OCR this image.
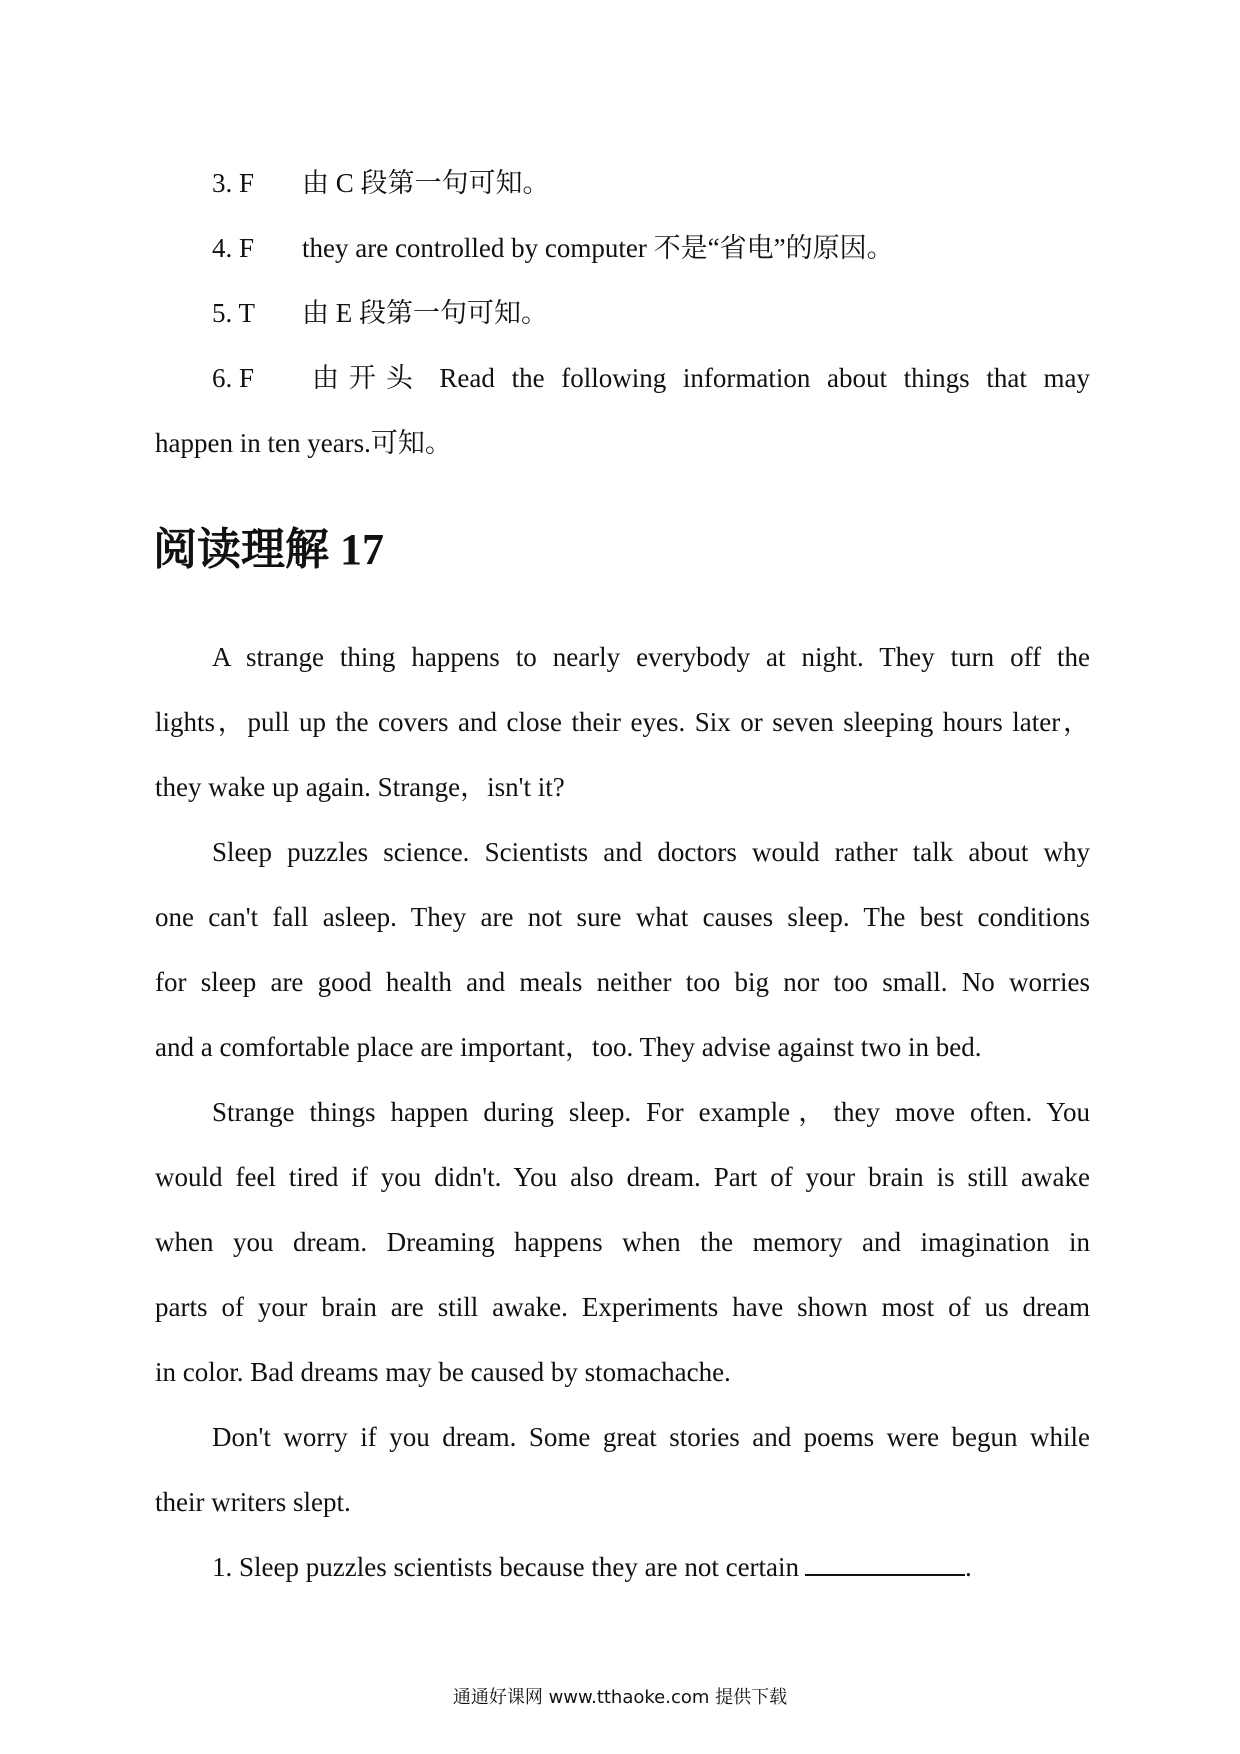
3. F 由 C 段第一句可知。
4. F they are controlled by computer 不是“省电”的原因。
5. T 由 E 段第一句可知。
6. F 由开头 Read the following information about things that may
happen in ten years.可知。
阅读理解 17
A strange thing happens to nearly everybody at night. They turn off the
lights，pull up the covers and close their eyes. Six or seven sleeping hours later，
they wake up again. Strange，isn't it?
Sleep puzzles science. Scientists and doctors would rather talk about why
one can't fall asleep. They are not sure what causes sleep. The best conditions
for sleep are good health and meals neither too big nor too small. No worries
and a comfortable place are important，too. They advise against two in bed.
Strange things happen during sleep. For example，they move often. You
would feel tired if you didn't. You also dream. Part of your brain is still awake
when you dream. Dreaming happens when the memory and imagination in
parts of your brain are still awake. Experiments have shown most of us dream
in color. Bad dreams may be caused by stomachache.
Don't worry if you dream. Some great stories and poems were begun while
their writers slept.
1. Sleep puzzles scientists because they are not certain	.
通通好课网 www.tthaoke.com 提供下载
